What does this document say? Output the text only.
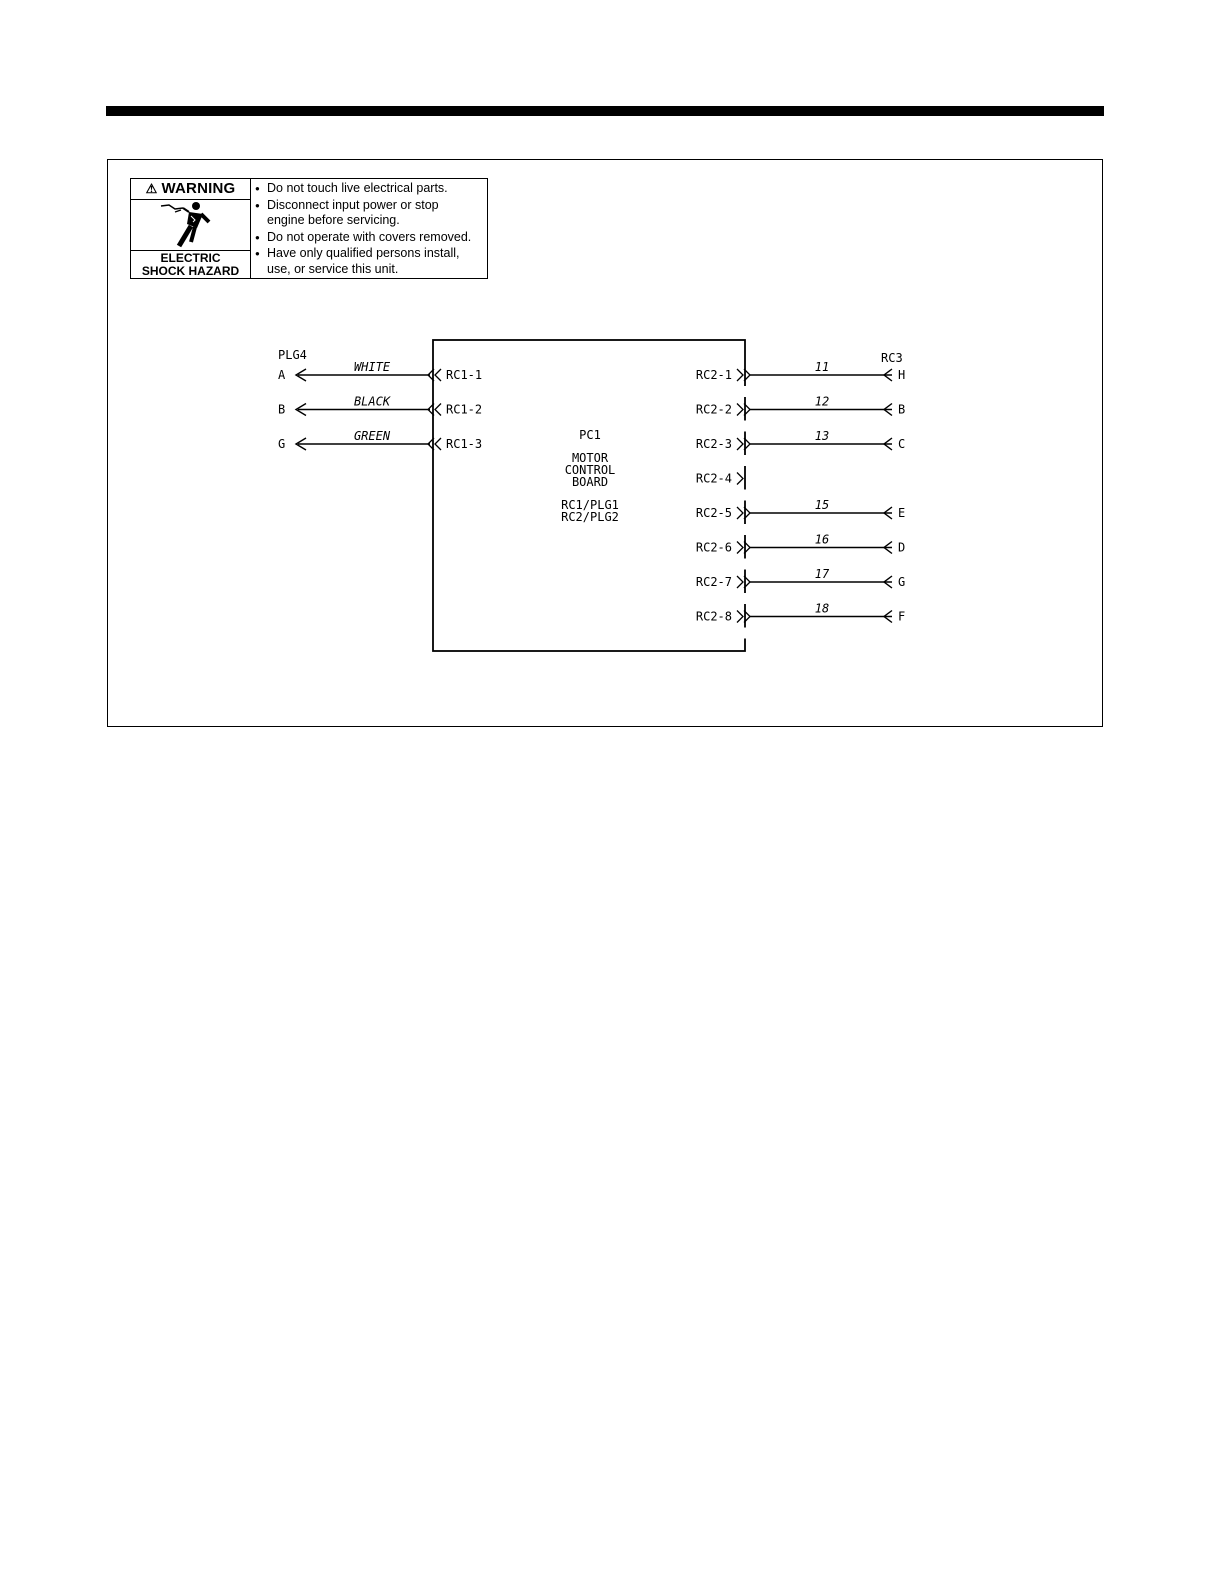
⚠ WARNING
ELECTRIC
SHOCK HAZARD
● Do not touch live electrical parts.
● Disconnect input power or stop
engine before servicing.
● Do not operate with covers removed.
● Have only qualified persons install,
use, or service this unit.
PC1
MOTOR
CONTROL
BOARD
RC1/PLG1
RC2/PLG2
PLG4	RC3
A
WHITE
RC1-1
B
BLACK
RC1-2
G
GREEN
RC1-3
RC2-1
11
H
RC2-2
12
B
RC2-3
13
C
RC2-4
RC2-5
15
E
RC2-6
16
D
RC2-7
17
G
RC2-8
18
F
